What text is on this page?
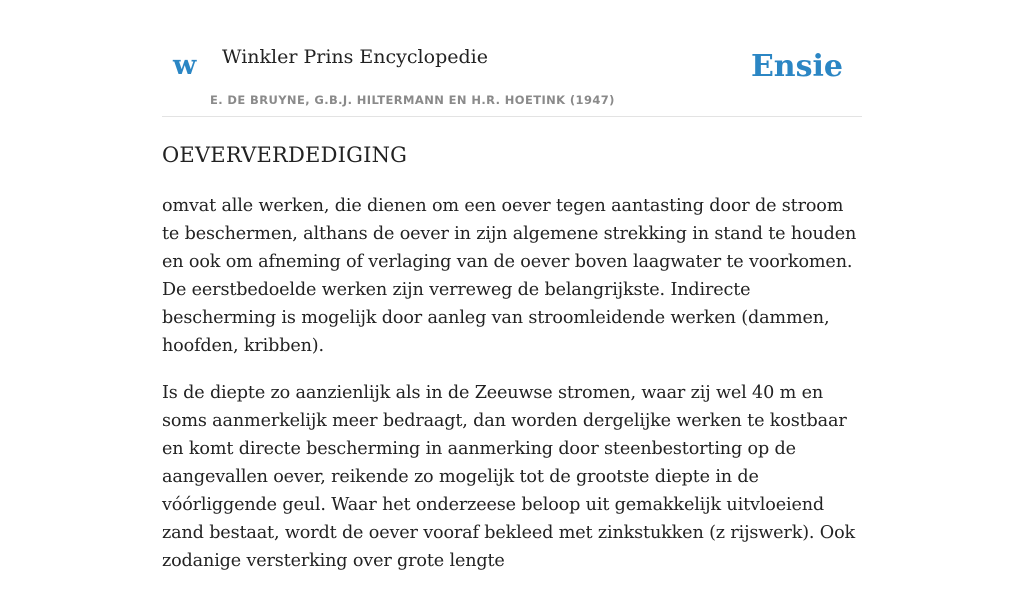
w Winkler Prins Encyclopedie
E. DE BRUYNE, G.B.J. HILTERMANN EN H.R. HOETINK (1947)
Ensie
OEVERVERDEDIGING

omvat alle werken, die dienen om een oever tegen aantasting door de stroom te beschermen, althans de oever in zijn algemene strekking in stand te houden en ook om afneming of verlaging van de oever boven laagwater te voorkomen. De eerstbedoelde werken zijn verreweg de belangrijkste. Indirecte bescherming is mogelijk door aanleg van stroomleidende werken (dammen, hoofden, kribben).

Is de diepte zo aanzienlijk als in de Zeeuwse stromen, waar zij wel 40 m en soms aanmerkelijk meer bedraagt, dan worden dergelijke werken te kostbaar en komt directe bescherming in aanmerking door steenbestorting op de aangevallen oever, reikende zo mogelijk tot de grootste diepte in de vóórliggende geul. Waar het onderzeese beloop uit gemakkelijk uitvloeiend zand bestaat, wordt de oever vooraf bekleed met zinkstukken (z rijswerk). Ook zodanige versterking over grote lengte
